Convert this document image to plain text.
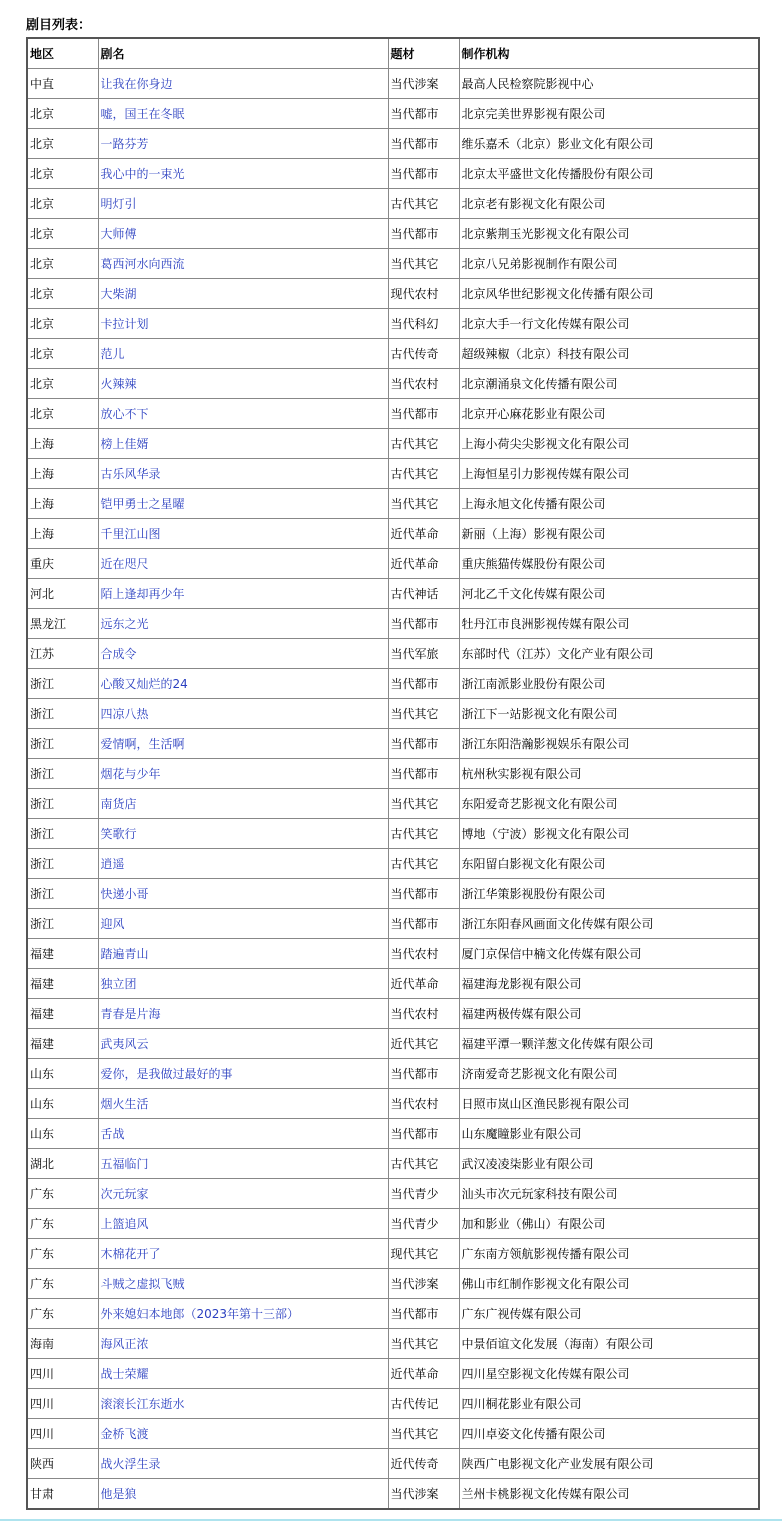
剧目列表：
地区	剧名	题材	制作机构
中直	让我在你身边	当代涉案	最高人民检察院影视中心
北京	嘘，国王在冬眠	当代都市	北京完美世界影视有限公司
北京	一路芬芳	当代都市	维乐嘉禾（北京）影业文化有限公司
北京	我心中的一束光	当代都市	北京太平盛世文化传播股份有限公司
北京	明灯引	古代其它	北京老有影视文化有限公司
北京	大师傅	当代都市	北京紫荆玉光影视文化有限公司
北京	葛西河水向西流	当代其它	北京八兄弟影视制作有限公司
北京	大柴湖	现代农村	北京风华世纪影视文化传播有限公司
北京	卡拉计划	当代科幻	北京大手一行文化传媒有限公司
北京	范儿	古代传奇	超级辣椒（北京）科技有限公司
北京	火辣辣	当代农村	北京潮涌泉文化传播有限公司
北京	放心不下	当代都市	北京开心麻花影业有限公司
上海	榜上佳婿	古代其它	上海小荷尖尖影视文化有限公司
上海	古乐风华录	古代其它	上海恒星引力影视传媒有限公司
上海	铠甲勇士之星曜	当代其它	上海永旭文化传播有限公司
上海	千里江山图	近代革命	新丽（上海）影视有限公司
重庆	近在咫尺	近代革命	重庆熊猫传媒股份有限公司
河北	陌上逢却再少年	古代神话	河北乙千文化传媒有限公司
黑龙江	远东之光	当代都市	牡丹江市良洲影视传媒有限公司
江苏	合成令	当代军旅	东部时代（江苏）文化产业有限公司
浙江	心酸又灿烂的24	当代都市	浙江南派影业股份有限公司
浙江	四凉八热	当代其它	浙江下一站影视文化有限公司
浙江	爱情啊，生活啊	当代都市	浙江东阳浩瀚影视娱乐有限公司
浙江	烟花与少年	当代都市	杭州秋实影视有限公司
浙江	南货店	当代其它	东阳爱奇艺影视文化有限公司
浙江	笑歌行	古代其它	博地（宁波）影视文化有限公司
浙江	逍遥	古代其它	东阳留白影视文化有限公司
浙江	快递小哥	当代都市	浙江华策影视股份有限公司
浙江	迎风	当代都市	浙江东阳春风画面文化传媒有限公司
福建	踏遍青山	当代农村	厦门京保信中楠文化传媒有限公司
福建	独立团	近代革命	福建海龙影视有限公司
福建	青春是片海	当代农村	福建两极传媒有限公司
福建	武夷风云	近代其它	福建平潭一颗洋葱文化传媒有限公司
山东	爱你，是我做过最好的事	当代都市	济南爱奇艺影视文化有限公司
山东	烟火生活	当代农村	日照市岚山区渔民影视有限公司
山东	舌战	当代都市	山东魔瞳影业有限公司
湖北	五福临门	古代其它	武汉凌凌柒影业有限公司
广东	次元玩家	当代青少	汕头市次元玩家科技有限公司
广东	上篮追风	当代青少	加和影业（佛山）有限公司
广东	木棉花开了	现代其它	广东南方领航影视传播有限公司
广东	斗贼之虚拟飞贼	当代涉案	佛山市红制作影视文化有限公司
广东	外来媳妇本地郎（2023年第十三部）	当代都市	广东广视传媒有限公司
海南	海风正浓	当代其它	中景佰谊文化发展（海南）有限公司
四川	战士荣耀	近代革命	四川星空影视文化传媒有限公司
四川	滚滚长江东逝水	古代传记	四川桐花影业有限公司
四川	金桥飞渡	当代其它	四川卓姿文化传播有限公司
陕西	战火浮生录	近代传奇	陕西广电影视文化产业发展有限公司
甘肃	他是狼	当代涉案	兰州卡桃影视文化传媒有限公司
